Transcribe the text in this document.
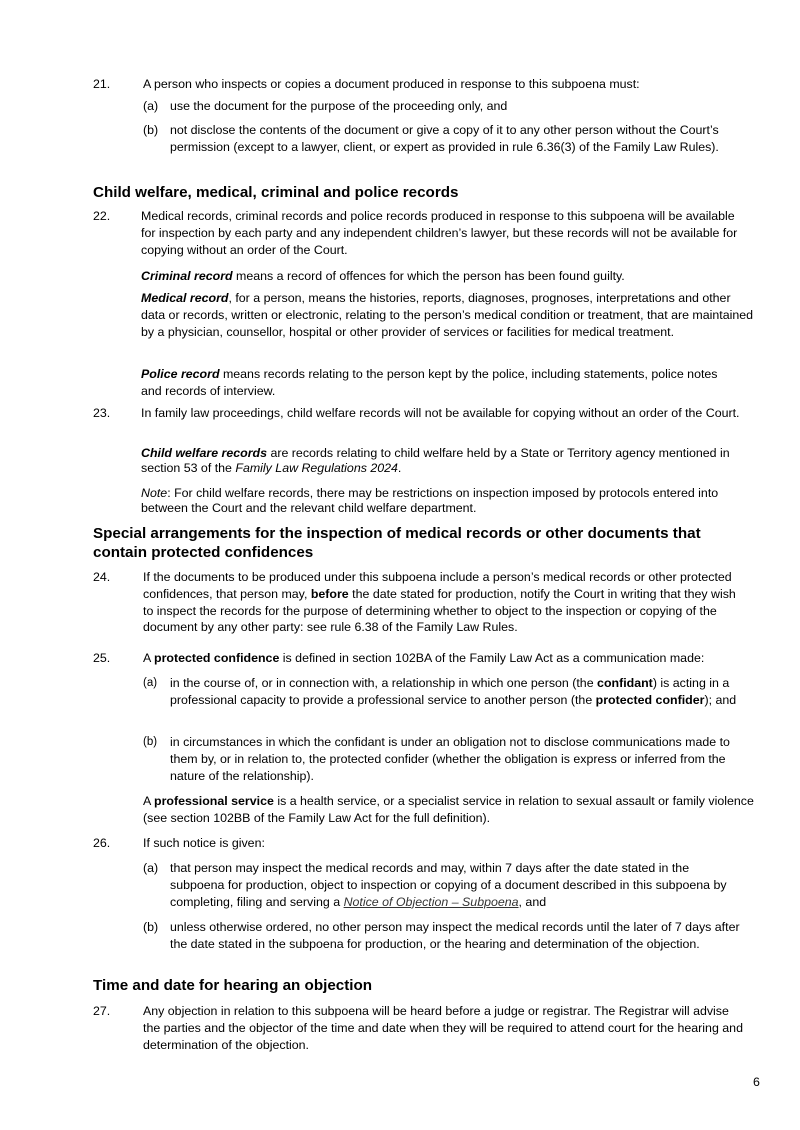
21.	A person who inspects or copies a document produced in response to this subpoena must:
(a) use the document for the purpose of the proceeding only, and
(b) not disclose the contents of the document or give a copy of it to any other person without the Court’s permission (except to a lawyer, client, or expert as provided in rule 6.36(3) of the Family Law Rules).
Child welfare, medical, criminal and police records
22. Medical records, criminal records and police records produced in response to this subpoena will be available for inspection by each party and any independent children’s lawyer, but these records will not be available for copying without an order of the Court.
Criminal record means a record of offences for which the person has been found guilty.
Medical record, for a person, means the histories, reports, diagnoses, prognoses, interpretations and other data or records, written or electronic, relating to the person’s medical condition or treatment, that are maintained by a physician, counsellor, hospital or other provider of services or facilities for medical treatment.
Police record means records relating to the person kept by the police, including statements, police notes and records of interview.
23. In family law proceedings, child welfare records will not be available for copying without an order of the Court.
Child welfare records are records relating to child welfare held by a State or Territory agency mentioned in section 53 of the Family Law Regulations 2024.
Note: For child welfare records, there may be restrictions on inspection imposed by protocols entered into between the Court and the relevant child welfare department.
Special arrangements for the inspection of medical records or other documents that contain protected confidences
24.	If the documents to be produced under this subpoena include a person’s medical records or other protected confidences, that person may, before the date stated for production, notify the Court in writing that they wish to inspect the records for the purpose of determining whether to object to the inspection or copying of the document by any other party: see rule 6.38 of the Family Law Rules.
25.	A protected confidence is defined in section 102BA of the Family Law Act as a communication made:
(a) in the course of, or in connection with, a relationship in which one person (the confidant) is acting in a professional capacity to provide a professional service to another person (the protected confider); and
(b) in circumstances in which the confidant is under an obligation not to disclose communications made to them by, or in relation to, the protected confider (whether the obligation is express or inferred from the nature of the relationship).
A professional service is a health service, or a specialist service in relation to sexual assault or family violence (see section 102BB of the Family Law Act for the full definition).
26.	If such notice is given:
(a) that person may inspect the medical records and may, within 7 days after the date stated in the subpoena for production, object to inspection or copying of a document described in this subpoena by completing, filing and serving a Notice of Objection – Subpoena, and
(b) unless otherwise ordered, no other person may inspect the medical records until the later of 7 days after the date stated in the subpoena for production, or the hearing and determination of the objection.
Time and date for hearing an objection
27.	Any objection in relation to this subpoena will be heard before a judge or registrar. The Registrar will advise the parties and the objector of the time and date when they will be required to attend court for the hearing and determination of the objection.
6
